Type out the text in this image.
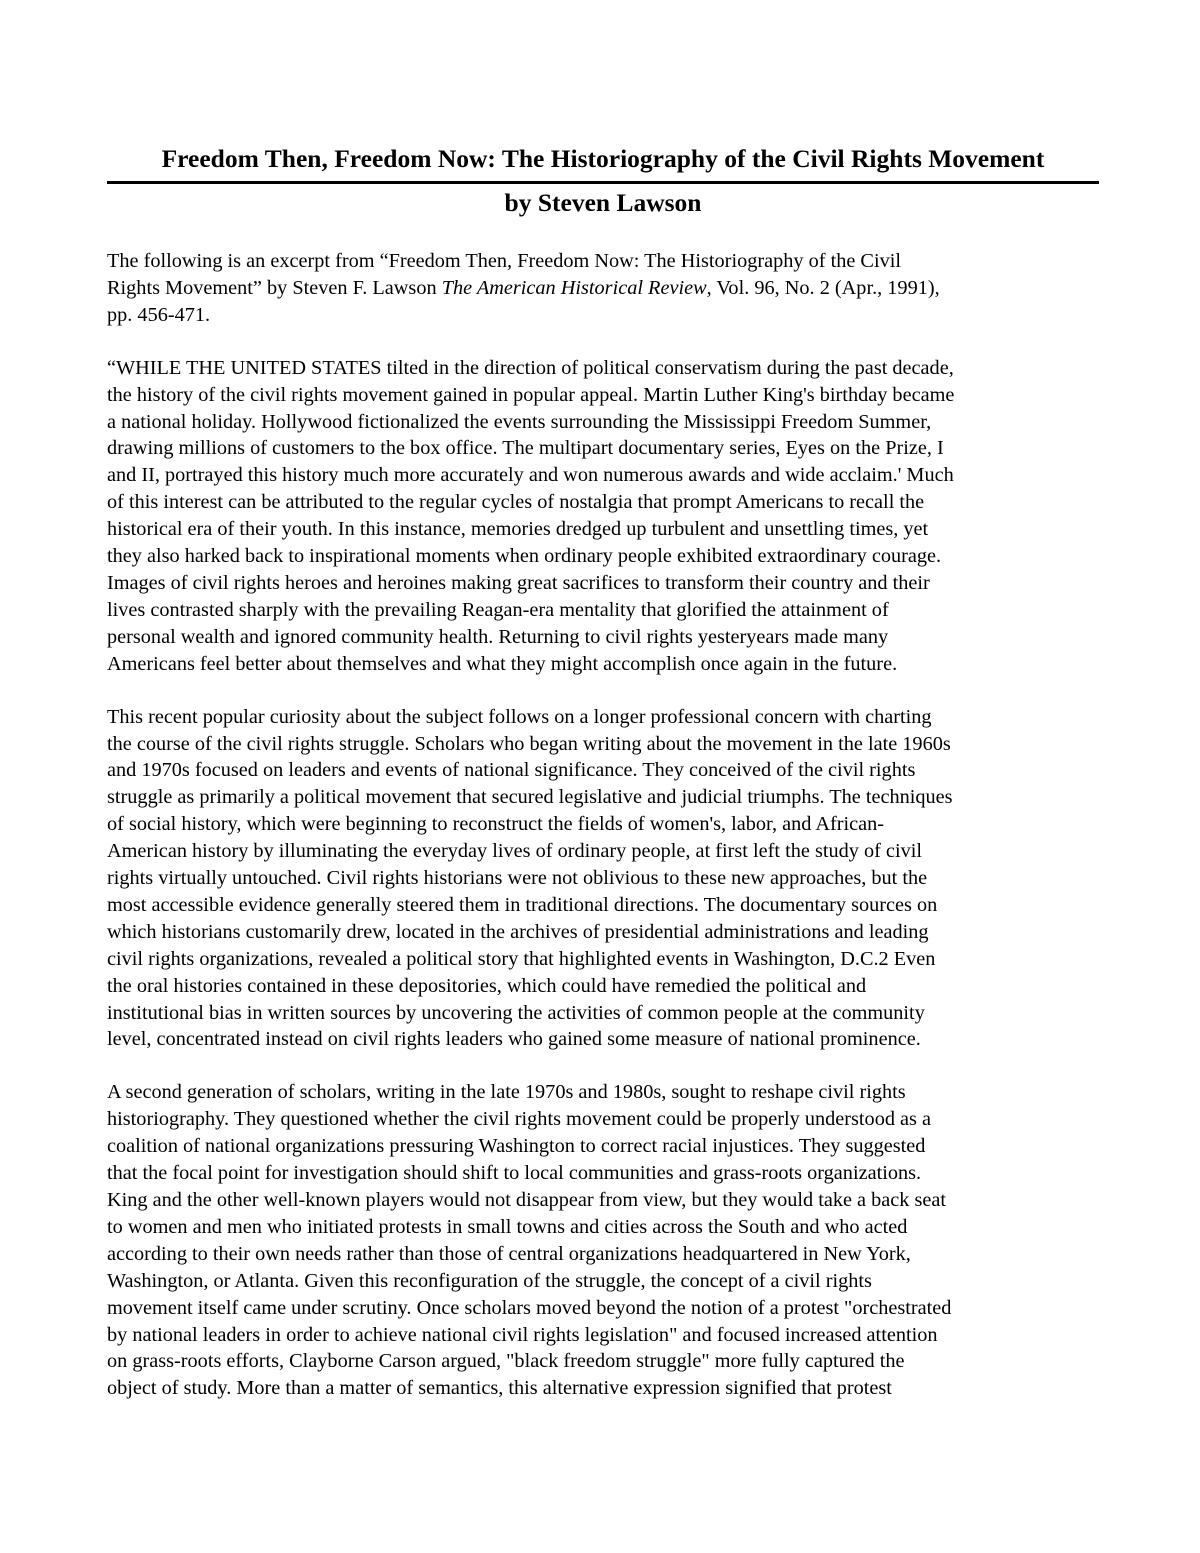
Freedom Then, Freedom Now: The Historiography of the Civil Rights Movement
by Steven Lawson

The following is an excerpt from “Freedom Then, Freedom Now: The Historiography of the Civil
Rights Movement” by Steven F. Lawson The American Historical Review, Vol. 96, No. 2 (Apr., 1991),
pp. 456-471.

“WHILE THE UNITED STATES tilted in the direction of political conservatism during the past decade,
the history of the civil rights movement gained in popular appeal. Martin Luther King's birthday became
a national holiday. Hollywood fictionalized the events surrounding the Mississippi Freedom Summer,
drawing millions of customers to the box office. The multipart documentary series, Eyes on the Prize, I
and II, portrayed this history much more accurately and won numerous awards and wide acclaim.' Much
of this interest can be attributed to the regular cycles of nostalgia that prompt Americans to recall the
historical era of their youth. In this instance, memories dredged up turbulent and unsettling times, yet
they also harked back to inspirational moments when ordinary people exhibited extraordinary courage.
Images of civil rights heroes and heroines making great sacrifices to transform their country and their
lives contrasted sharply with the prevailing Reagan-era mentality that glorified the attainment of
personal wealth and ignored community health. Returning to civil rights yesteryears made many
Americans feel better about themselves and what they might accomplish once again in the future.

This recent popular curiosity about the subject follows on a longer professional concern with charting
the course of the civil rights struggle. Scholars who began writing about the movement in the late 1960s
and 1970s focused on leaders and events of national significance. They conceived of the civil rights
struggle as primarily a political movement that secured legislative and judicial triumphs. The techniques
of social history, which were beginning to reconstruct the fields of women's, labor, and African-
American history by illuminating the everyday lives of ordinary people, at first left the study of civil
rights virtually untouched. Civil rights historians were not oblivious to these new approaches, but the
most accessible evidence generally steered them in traditional directions. The documentary sources on
which historians customarily drew, located in the archives of presidential administrations and leading
civil rights organizations, revealed a political story that highlighted events in Washington, D.C.2 Even
the oral histories contained in these depositories, which could have remedied the political and
institutional bias in written sources by uncovering the activities of common people at the community
level, concentrated instead on civil rights leaders who gained some measure of national prominence.

A second generation of scholars, writing in the late 1970s and 1980s, sought to reshape civil rights
historiography. They questioned whether the civil rights movement could be properly understood as a
coalition of national organizations pressuring Washington to correct racial injustices. They suggested
that the focal point for investigation should shift to local communities and grass-roots organizations.
King and the other well-known players would not disappear from view, but they would take a back seat
to women and men who initiated protests in small towns and cities across the South and who acted
according to their own needs rather than those of central organizations headquartered in New York,
Washington, or Atlanta. Given this reconfiguration of the struggle, the concept of a civil rights
movement itself came under scrutiny. Once scholars moved beyond the notion of a protest "orchestrated
by national leaders in order to achieve national civil rights legislation" and focused increased attention
on grass-roots efforts, Clayborne Carson argued, "black freedom struggle" more fully captured the
object of study. More than a matter of semantics, this alternative expression signified that protest
